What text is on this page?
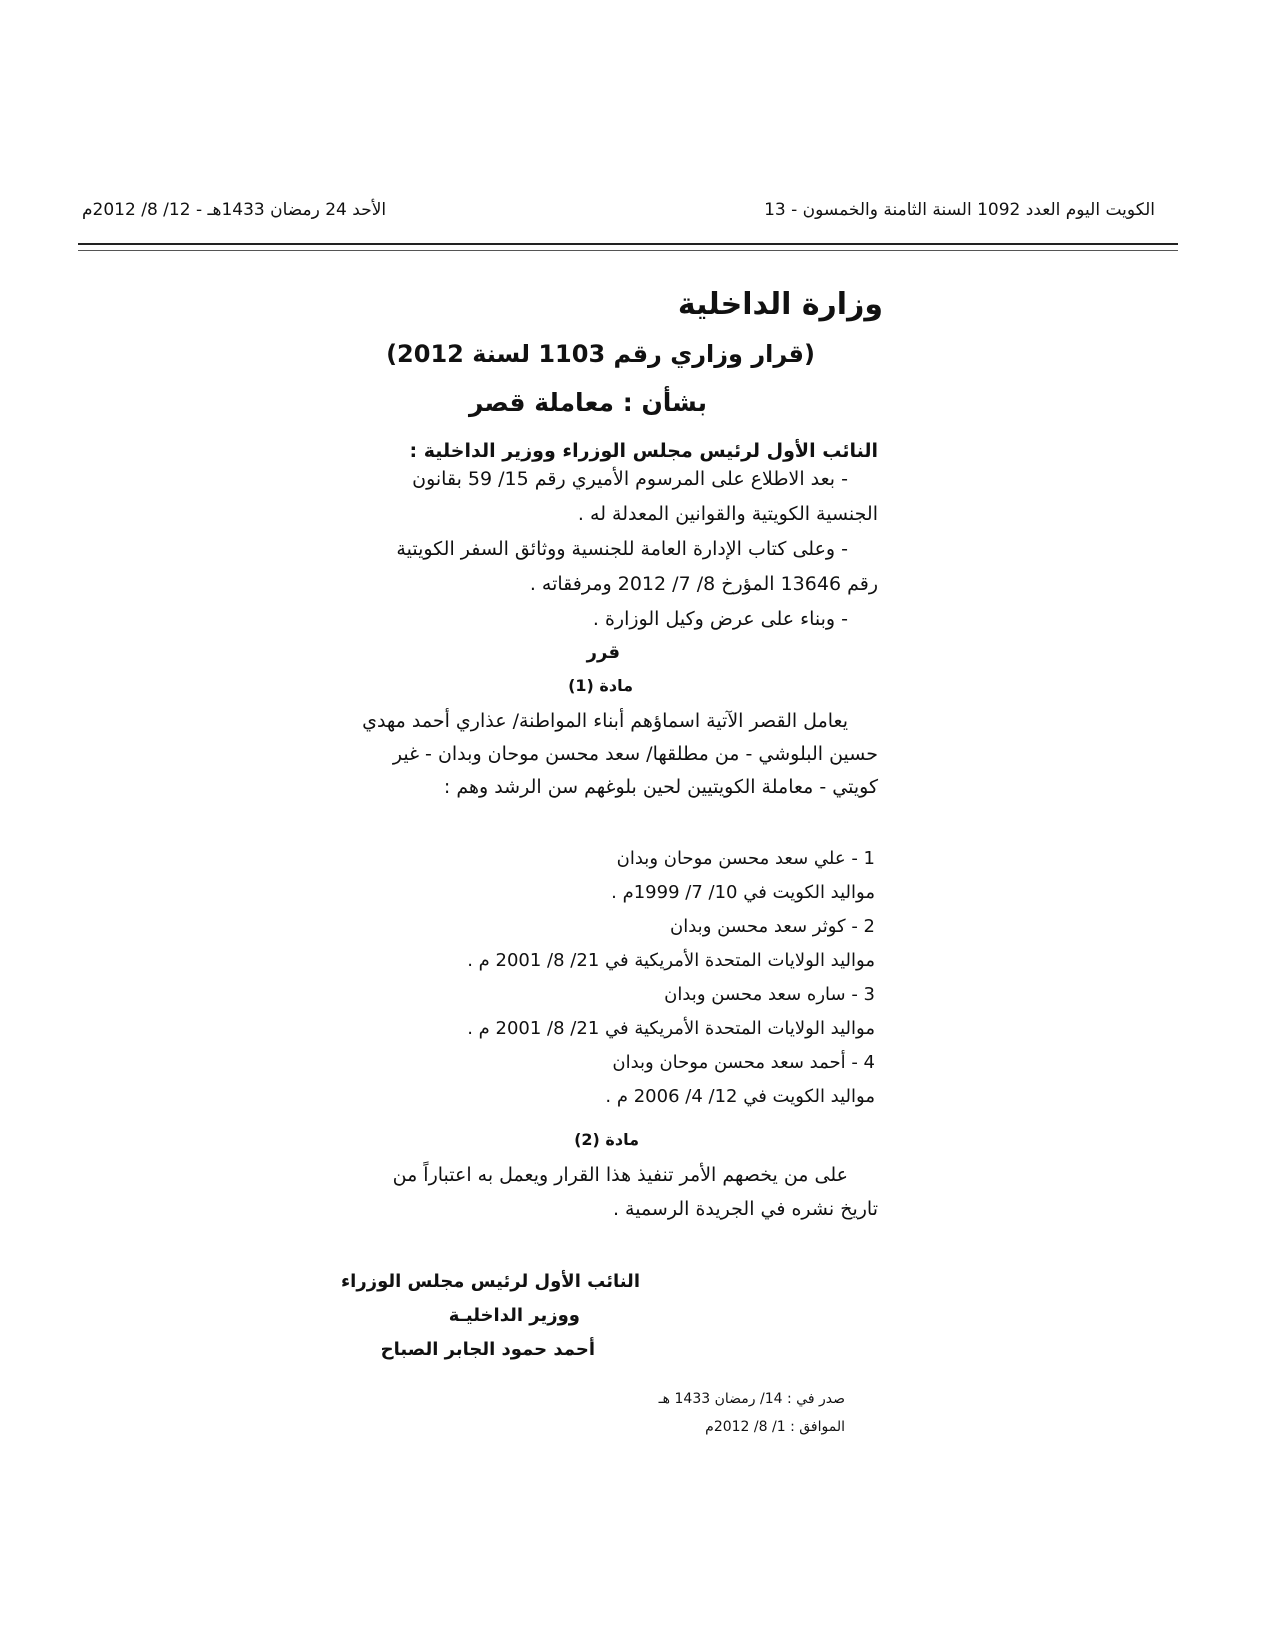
الكويت اليوم العدد 1092 السنة الثامنة والخمسون - 13
الأحد 24 رمضان 1433هـ - 12/ 8/ 2012م
وزارة الداخلية
(قرار وزاري رقم 1103 لسنة 2012)
بشأن : معاملة قصر
النائب الأول لرئيس مجلس الوزراء ووزير الداخلية :

- بعد الاطلاع على المرسوم الأميري رقم 15/ 59 بقانون الجنسية الكويتية والقوانين المعدلة له .

- وعلى كتاب الإدارة العامة للجنسية ووثائق السفر الكويتية رقم 13646 المؤرخ 8/ 7/ 2012 ومرفقاته .

- وبناء على عرض وكيل الوزارة .

قرر
مادة (1)

يعامل القصر الآتية اسماؤهم أبناء المواطنة/ عذاري أحمد مهدي حسين البلوشي - من مطلقها/ سعد محسن موحان وبدان - غير كويتي - معاملة الكويتيين لحين بلوغهم سن الرشد وهم :

1 - علي سعد محسن موحان وبدان
مواليد الكويت في 10/ 7/ 1999م .
2 - كوثر سعد محسن وبدان
مواليد الولايات المتحدة الأمريكية في 21/ 8/ 2001 م .
3 - ساره سعد محسن وبدان
مواليد الولايات المتحدة الأمريكية في 21/ 8/ 2001 م .
4 - أحمد سعد محسن موحان وبدان
مواليد الكويت في 12/ 4/ 2006 م .
مادة (2)

على من يخصهم الأمر تنفيذ هذا القرار ويعمل به اعتباراً من تاريخ نشره في الجريدة الرسمية .

النائب الأول لرئيس مجلس الوزراء
ووزير الداخليـة
أحمد حمود الجابر الصباح
صدر في : 14/ رمضان 1433 هـ
الموافق : 1/ 8/ 2012م
